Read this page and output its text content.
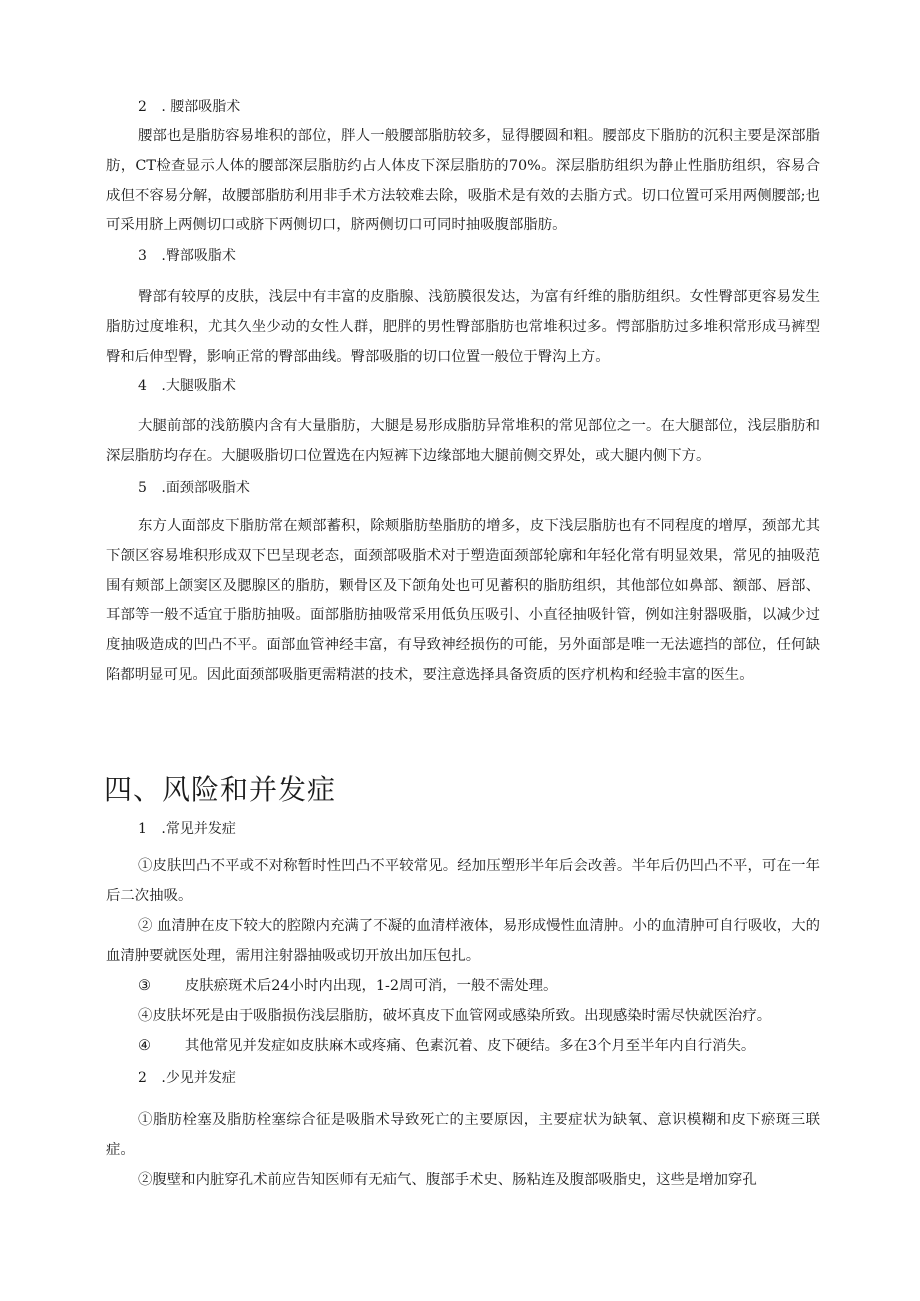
2 . 腰部吸脂术

腰部也是脂肪容易堆积的部位，胖人一般腰部脂肪较多，显得腰圆和粗。腰部皮下脂肪的沉积主要是深部脂肪，CT检查显示人体的腰部深层脂肪约占人体皮下深层脂肪的70%。深层脂肪组织为静止性脂肪组织，容易合成但不容易分解，故腰部脂肪利用非手术方法较难去除，吸脂术是有效的去脂方式。切口位置可采用两侧腰部;也可采用脐上两侧切口或脐下两侧切口，脐两侧切口可同时抽吸腹部脂肪。

3 .臀部吸脂术

臀部有较厚的皮肤，浅层中有丰富的皮脂腺、浅筋膜很发达，为富有纤维的脂肪组织。女性臀部更容易发生脂肪过度堆积，尤其久坐少动的女性人群，肥胖的男性臀部脂肪也常堆积过多。愕部脂肪过多堆积常形成马裤型臀和后伸型臀，影响正常的臀部曲线。臀部吸脂的切口位置一般位于臀沟上方。

4 .大腿吸脂术

大腿前部的浅筋膜内含有大量脂肪，大腿是易形成脂肪异常堆积的常见部位之一。在大腿部位，浅层脂肪和深层脂肪均存在。大腿吸脂切口位置选在内短裤下边缘部地大腿前侧交界处，或大腿内侧下方。

5 .面颈部吸脂术

东方人面部皮下脂肪常在颊部蓄积，除颊脂肪垫脂肪的增多，皮下浅层脂肪也有不同程度的增厚，颈部尤其下颌区容易堆积形成双下巴呈现老态，面颈部吸脂术对于塑造面颈部轮廓和年轻化常有明显效果，常见的抽吸范围有颊部上颌窦区及腮腺区的脂肪，颗骨区及下颌角处也可见蓄积的脂肪组织，其他部位如鼻部、额部、唇部、耳部等一般不适宜于脂肪抽吸。面部脂肪抽吸常采用低负压吸引、小直径抽吸针管，例如注射器吸脂，以减少过度抽吸造成的凹凸不平。面部血管神经丰富，有导致神经损伤的可能，另外面部是唯一无法遮挡的部位，任何缺陷都明显可见。因此面颈部吸脂更需精湛的技术，要注意选择具备资质的医疗机构和经验丰富的医生。

四、风险和并发症
1 .常见并发症

①皮肤凹凸不平或不对称暂时性凹凸不平较常见。经加压塑形半年后会改善。半年后仍凹凸不平，可在一年后二次抽吸。

② 血清肿在皮下较大的腔隙内充满了不凝的血清样液体，易形成慢性血清肿。小的血清肿可自行吸收，大的血清肿要就医处理，需用注射器抽吸或切开放出加压包扎。

③ 皮肤瘀斑术后24小时内出现，1-2周可消，一般不需处理。

④皮肤坏死是由于吸脂损伤浅层脂肪，破坏真皮下血管网或感染所致。出现感染时需尽快就医治疗。

④ 其他常见并发症如皮肤麻木或疼痛、色素沉着、皮下硬结。多在3个月至半年内自行消失。

2 .少见并发症

①脂肪栓塞及脂肪栓塞综合征是吸脂术导致死亡的主要原因，主要症状为缺氧、意识模糊和皮下瘀斑三联症。

②腹壁和内脏穿孔术前应告知医师有无疝气、腹部手术史、肠粘连及腹部吸脂史，这些是增加穿孔
